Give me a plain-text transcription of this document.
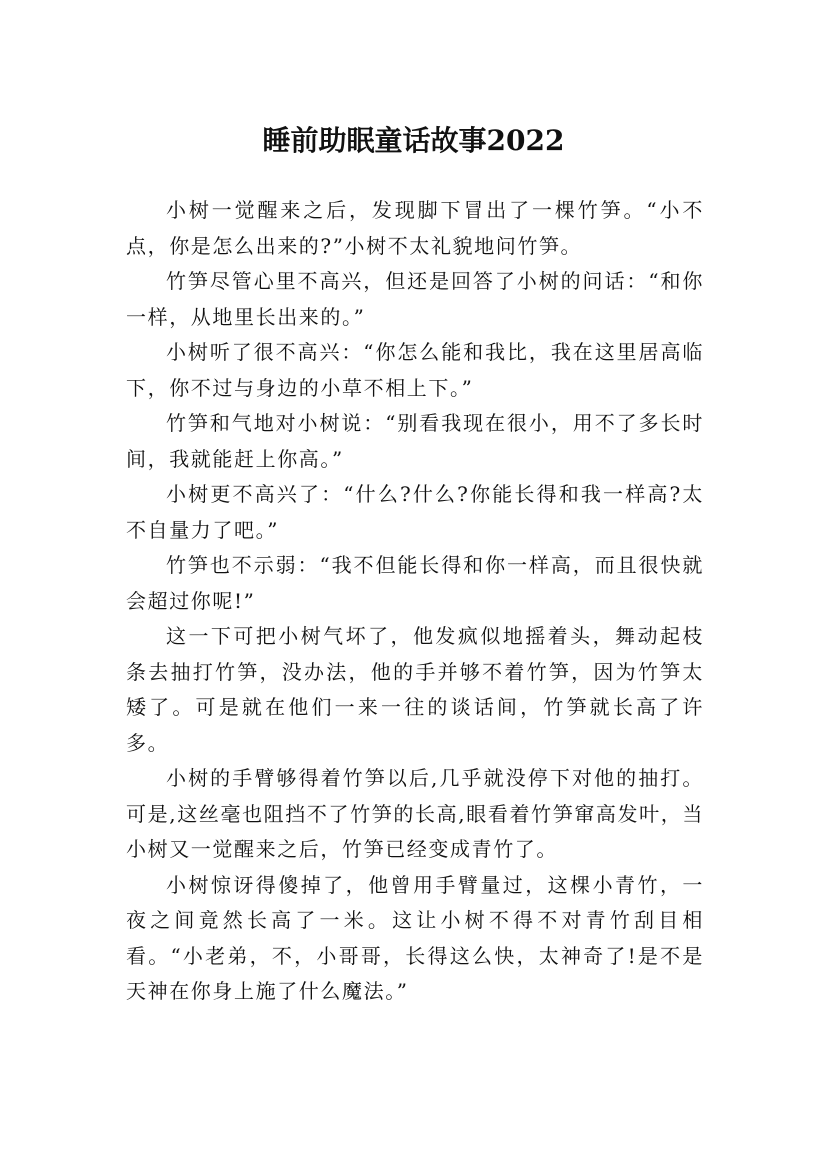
睡前助眠童话故事2022

小树一觉醒来之后，发现脚下冒出了一棵竹笋。“小不点，你是怎么出来的?”小树不太礼貌地问竹笋。

竹笋尽管心里不高兴，但还是回答了小树的问话：“和你一样，从地里长出来的。”

小树听了很不高兴：“你怎么能和我比，我在这里居高临下，你不过与身边的小草不相上下。”

竹笋和气地对小树说：“别看我现在很小，用不了多长时间，我就能赶上你高。”

小树更不高兴了：“什么?什么?你能长得和我一样高?太不自量力了吧。”

竹笋也不示弱：“我不但能长得和你一样高，而且很快就会超过你呢!”

这一下可把小树气坏了，他发疯似地摇着头，舞动起枝条去抽打竹笋，没办法，他的手并够不着竹笋，因为竹笋太矮了。可是就在他们一来一往的谈话间，竹笋就长高了许多。

小树的手臂够得着竹笋以后,几乎就没停下对他的抽打。可是,这丝毫也阻挡不了竹笋的长高,眼看着竹笋窜高发叶，当小树又一觉醒来之后，竹笋已经变成青竹了。

小树惊讶得傻掉了，他曾用手臂量过，这棵小青竹，一夜之间竟然长高了一米。这让小树不得不对青竹刮目相看。“小老弟，不，小哥哥，长得这么快，太神奇了!是不是天神在你身上施了什么魔法。”
